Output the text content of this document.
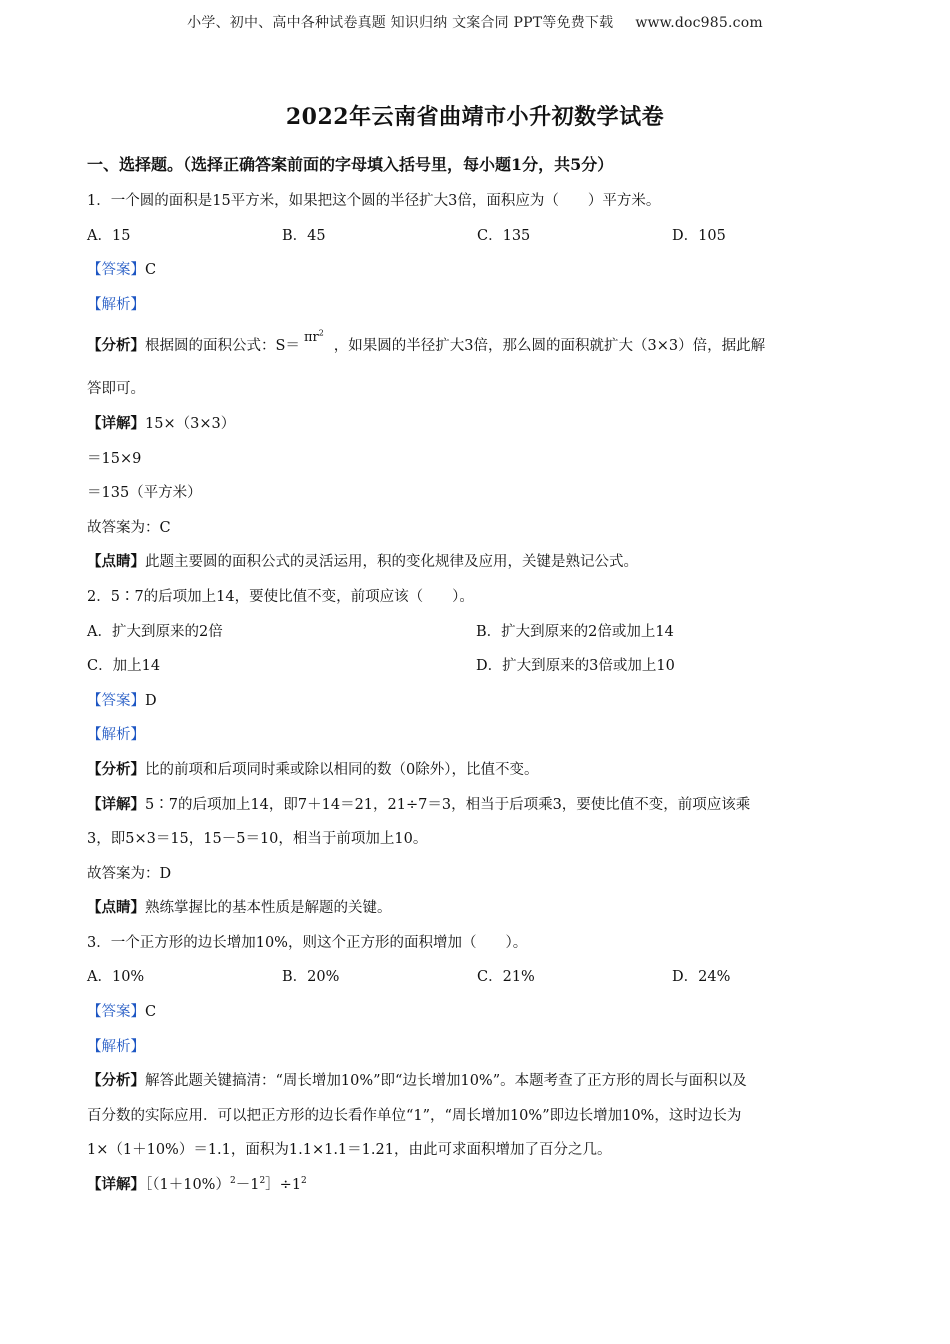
小学、初中、高中各种试卷真题 知识归纳 文案合同 PPT等免费下载 www.doc985.com
2022年云南省曲靖市小升初数学试卷
一、选择题。（选择正确答案前面的字母填入括号里，每小题1分，共5分）
1．一个圆的面积是15平方米，如果把这个圆的半径扩大3倍，面积应为（　　）平方米。
A．15	B．45	C．135	D．105
【答案】C
【解析】
【分析】根据圆的面积公式：$S=\pi r^2$，如果圆的半径扩大3倍，那么圆的面积就扩大（3×3）倍，据此解
答即可。
【详解】15×（3×3）
＝15×9
＝135（平方米）
故答案为：C
【点睛】此题主要圆的面积公式的灵活运用，积的变化规律及应用，关键是熟记公式。
2．5∶7的后项加上14，要使比值不变，前项应该（　　）。
A．扩大到原来的2倍	B．扩大到原来的2倍或加上14
C．加上14	D．扩大到原来的3倍或加上10
【答案】D
【解析】
【分析】比的前项和后项同时乘或除以相同的数（0除外），比值不变。
【详解】5∶7的后项加上14，即7＋14＝21，21÷7＝3，相当于后项乘3，要使比值不变，前项应该乘
3，即5×3＝15，15－5＝10，相当于前项加上10。
故答案为：D
【点睛】熟练掌握比的基本性质是解题的关键。
3．一个正方形的边长增加10%，则这个正方形的面积增加（　　）。
A．10%	B．20%	C．21%	D．24%
【答案】C
【解析】
【分析】解答此题关键搞清：“周长增加10%”即“边长增加10%”。本题考查了正方形的周长与面积以及
百分数的实际应用．可以把正方形的边长看作单位“1”，“周长增加10%”即边长增加10%，这时边长为
1×（1＋10%）＝1.1，面积为1.1×1.1＝1.21，由此可求面积增加了百分之几。
【详解】$[(1+10\%)^2-1^2]\div 1^2$
